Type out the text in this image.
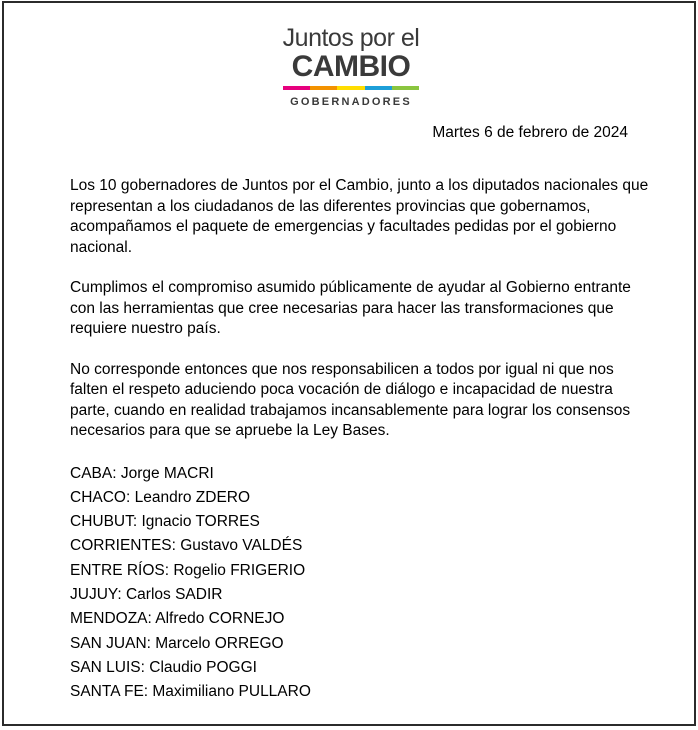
Juntos por el
CAMBIO
GOBERNADORES
Martes 6 de febrero de 2024

Los 10 gobernadores de Juntos por el Cambio, junto a los diputados nacionales que representan a los ciudadanos de las diferentes provincias que gobernamos, acompañamos el paquete de emergencias y facultades pedidas por el gobierno nacional.

Cumplimos el compromiso asumido públicamente de ayudar al Gobierno entrante con las herramientas que cree necesarias para hacer las transformaciones que requiere nuestro país.

No corresponde entonces que nos responsabilicen a todos por igual ni que nos falten el respeto aduciendo poca vocación de diálogo e incapacidad de nuestra parte, cuando en realidad trabajamos incansablemente para lograr los consensos necesarios para que se apruebe la Ley Bases.

CABA: Jorge MACRI
CHACO: Leandro ZDERO
CHUBUT: Ignacio TORRES
CORRIENTES: Gustavo VALDÉS
ENTRE RÍOS: Rogelio FRIGERIO
JUJUY: Carlos SADIR
MENDOZA: Alfredo CORNEJO
SAN JUAN: Marcelo ORREGO
SAN LUIS: Claudio POGGI
SANTA FE: Maximiliano PULLARO
